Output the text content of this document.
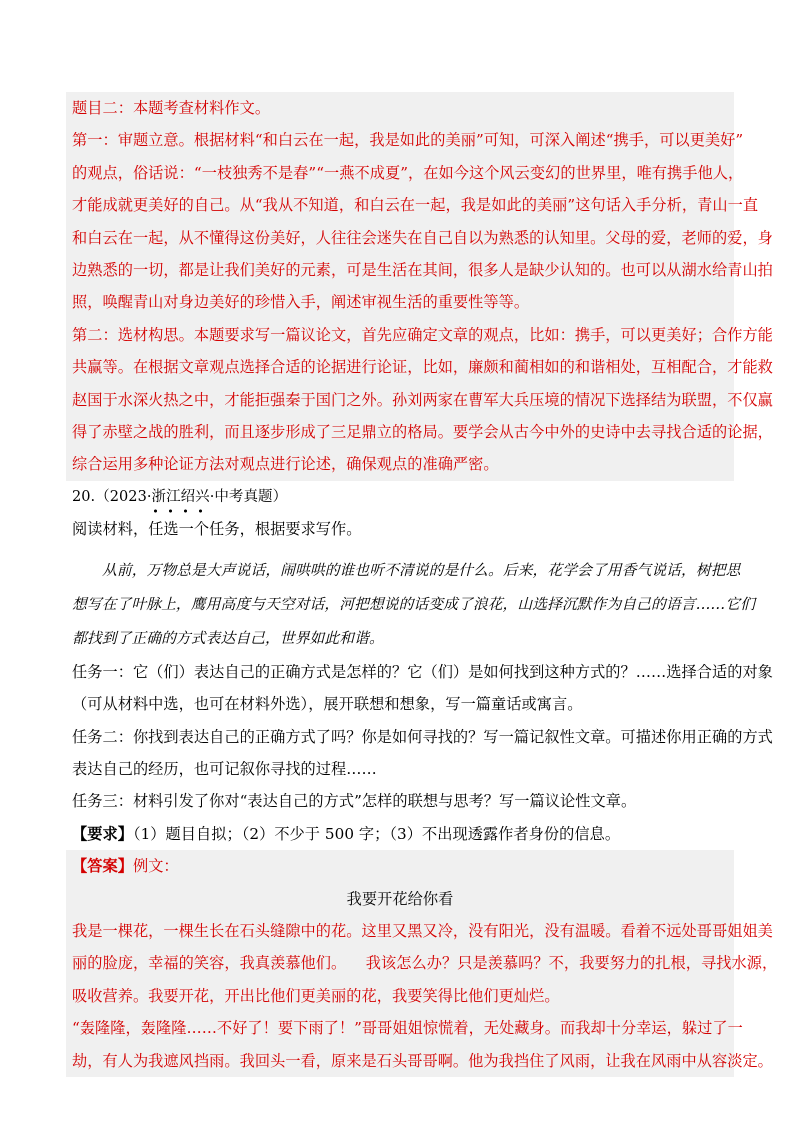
题目二：本题考查材料作文。
第一：审题立意。根据材料“和白云在一起，我是如此的美丽”可知，可深入阐述“携手，可以更美好”
的观点，俗话说：“一枝独秀不是春”“一燕不成夏”，在如今这个风云变幻的世界里，唯有携手他人，
才能成就更美好的自己。从“我从不知道，和白云在一起，我是如此的美丽”这句话入手分析，青山一直
和白云在一起，从不懂得这份美好，人往往会迷失在自己自以为熟悉的认知里。父母的爱，老师的爱，身
边熟悉的一切，都是让我们美好的元素，可是生活在其间，很多人是缺少认知的。也可以从湖水给青山拍
照，唤醒青山对身边美好的珍惜入手，阐述审视生活的重要性等等。
第二：选材构思。本题要求写一篇议论文，首先应确定文章的观点，比如：携手，可以更美好；合作方能
共赢等。在根据文章观点选择合适的论据进行论证，比如，廉颇和蔺相如的和谐相处，互相配合，才能救
赵国于水深火热之中，才能拒强秦于国门之外。孙刘两家在曹军大兵压境的情况下选择结为联盟，不仅赢
得了赤壁之战的胜利，而且逐步形成了三足鼎立的格局。要学会从古今中外的史诗中去寻找合适的论据，
综合运用多种论证方法对观点进行论述，确保观点的准确严密。
20.（2023·浙江绍兴·中考真题）
阅读材料，任选一个任务，根据要求写作。
从前，万物总是大声说话，闹哄哄的谁也听不清说的是什么。后来，花学会了用香气说话，树把思
想写在了叶脉上，鹰用高度与天空对话，河把想说的话变成了浪花，山选择沉默作为自己的语言……它们
都找到了正确的方式表达自己，世界如此和谐。
任务一：它（们）表达自己的正确方式是怎样的？它（们）是如何找到这种方式的？……选择合适的对象
（可从材料中选，也可在材料外选），展开联想和想象，写一篇童话或寓言。
任务二：你找到表达自己的正确方式了吗？你是如何寻找的？写一篇记叙性文章。可描述你用正确的方式
表达自己的经历，也可记叙你寻找的过程……
任务三：材料引发了你对“表达自己的方式”怎样的联想与思考？写一篇议论性文章。
【要求】（1）题目自拟；（2）不少于 500 字；（3）不出现透露作者身份的信息。
【答案】例文：
我要开花给你看
我是一棵花，一棵生长在石头缝隙中的花。这里又黑又冷，没有阳光，没有温暖。看着不远处哥哥姐姐美
丽的脸庞，幸福的笑容，我真羡慕他们。    我该怎么办？只是羡慕吗？不，我要努力的扎根，寻找水源，
吸收营养。我要开花，开出比他们更美丽的花，我要笑得比他们更灿烂。
“轰隆隆，轰隆隆……不好了！要下雨了！”哥哥姐姐惊慌着，无处藏身。而我却十分幸运，躲过了一
劫，有人为我遮风挡雨。我回头一看，原来是石头哥哥啊。他为我挡住了风雨，让我在风雨中从容淡定。
